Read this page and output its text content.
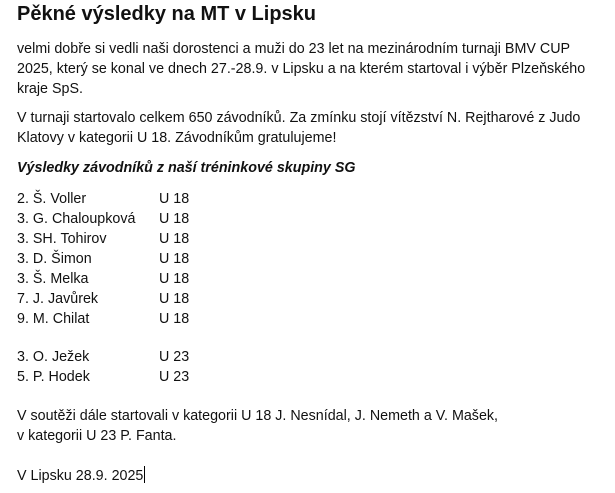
Pěkné výsledky na MT v Lipsku

velmi dobře si vedli naši dorostenci a muži do 23 let na mezinárodním turnaji BMV CUP 2025, který se konal ve dnech 27.-28.9. v Lipsku a na kterém startoval i výběr Plzeňského kraje SpS.

V turnaji startovalo celkem 650 závodníků. Za zmínku stojí vítězství N. Rejtharové z Judo Klatovy v kategorii U 18. Závodníkům gratulujeme!

Výsledky závodníků z naší tréninkové skupiny SG
2. Š. Voller	U 18
3. G. Chaloupková U 18
3. SH. Tohirov	U 18
3. D. Šimon	U 18
3. Š. Melka	U 18
7. J. Javůrek	U 18
9. M. Chilat	U 18
3. O. Ježek	U 23
5. P. Hodek	U 23

V soutěži dále startovali v kategorii U 18 J. Nesnídal, J. Nemeth a V. Mašek,
v kategorii U 23 P. Fanta.

V Lipsku 28.9. 2025
